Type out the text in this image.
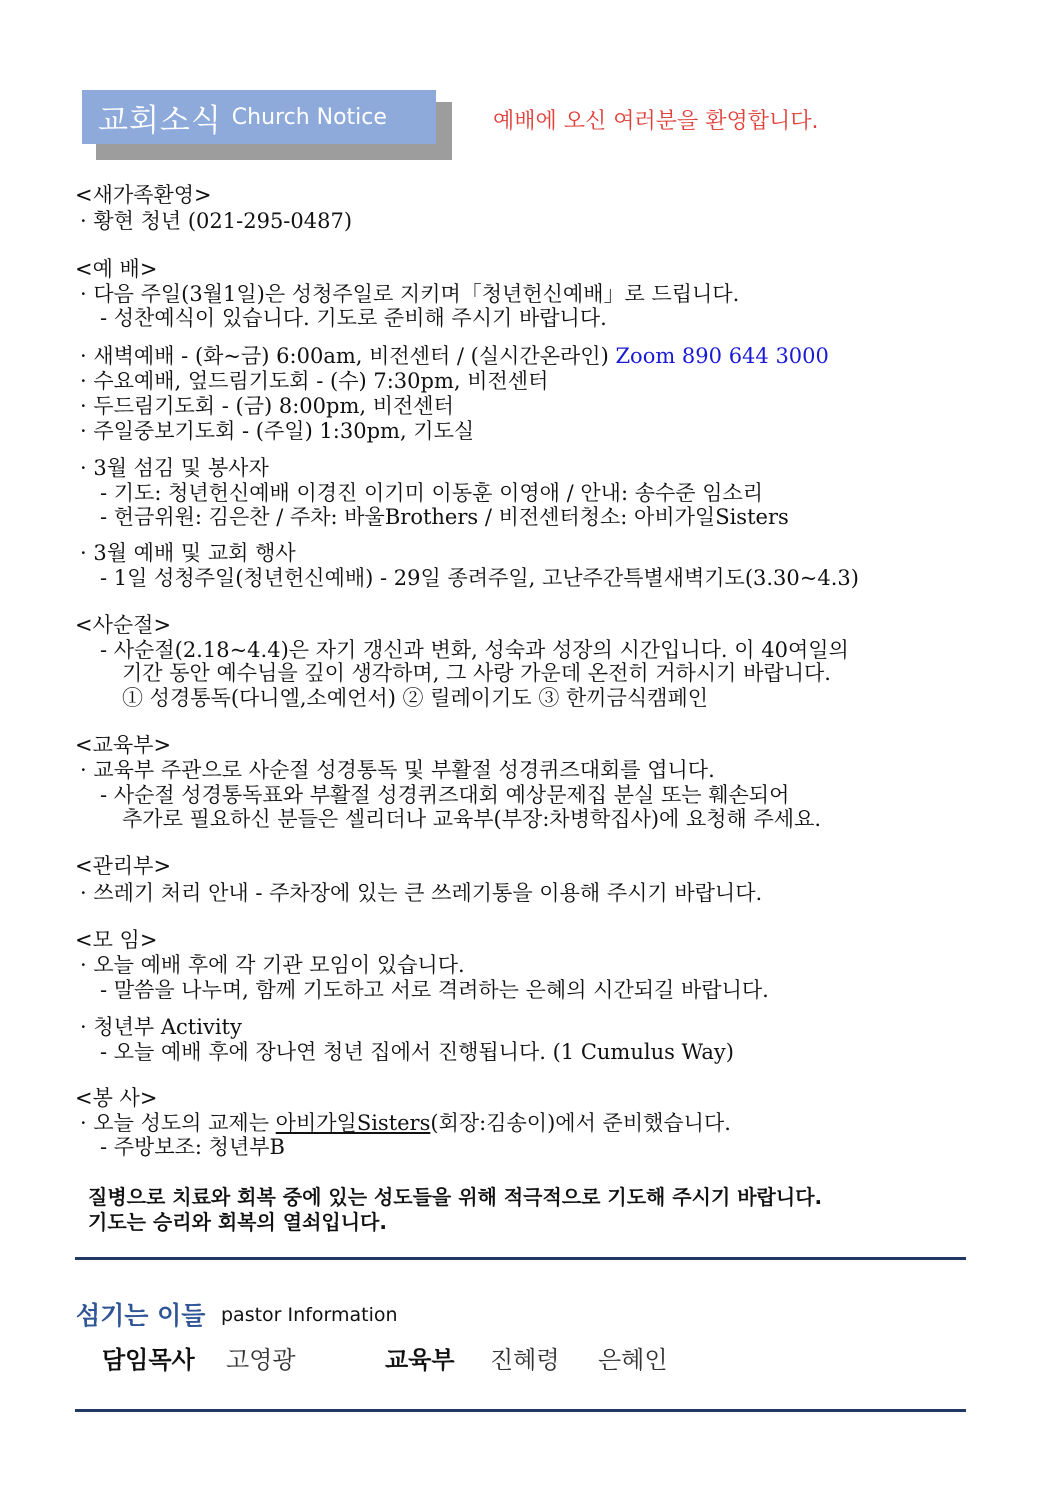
교회소식 Church Notice	예배에 오신 여러분을 환영합니다.
<새가족환영>
· 황현 청년 (021-295-0487)
<예 배>
· 다음 주일(3월1일)은 성청주일로 지키며「청년헌신예배」로 드립니다.
- 성찬예식이 있습니다. 기도로 준비해 주시기 바랍니다.
· 새벽예배 - (화~금) 6:00am, 비전센터 / (실시간온라인) Zoom 890 644 3000
· 수요예배, 엎드림기도회 - (수) 7:30pm, 비전센터
· 두드림기도회 - (금) 8:00pm, 비전센터
· 주일중보기도회 - (주일) 1:30pm, 기도실
· 3월 섬김 및 봉사자
- 기도: 청년헌신예배 이경진 이기미 이동훈 이영애 / 안내: 송수준 임소리
- 헌금위원: 김은찬 / 주차: 바울Brothers / 비전센터청소: 아비가일Sisters
· 3월 예배 및 교회 행사
- 1일 성청주일(청년헌신예배) - 29일 종려주일, 고난주간특별새벽기도(3.30~4.3)
<사순절>
- 사순절(2.18~4.4)은 자기 갱신과 변화, 성숙과 성장의 시간입니다. 이 40여일의
기간 동안 예수님을 깊이 생각하며, 그 사랑 가운데 온전히 거하시기 바랍니다.
① 성경통독(다니엘,소예언서) ② 릴레이기도 ③ 한끼금식캠페인
<교육부>
· 교육부 주관으로 사순절 성경통독 및 부활절 성경퀴즈대회를 엽니다.
- 사순절 성경통독표와 부활절 성경퀴즈대회 예상문제집 분실 또는 훼손되어
추가로 필요하신 분들은 셀리더나 교육부(부장:차병학집사)에 요청해 주세요.
<관리부>
· 쓰레기 처리 안내 - 주차장에 있는 큰 쓰레기통을 이용해 주시기 바랍니다.
<모 임>
· 오늘 예배 후에 각 기관 모임이 있습니다.
- 말씀을 나누며, 함께 기도하고 서로 격려하는 은혜의 시간되길 바랍니다.
· 청년부 Activity
- 오늘 예배 후에 장나연 청년 집에서 진행됩니다. (1 Cumulus Way)
<봉 사>
· 오늘 성도의 교제는 아비가일Sisters(회장:김송이)에서 준비했습니다.
- 주방보조: 청년부B
질병으로 치료와 회복 중에 있는 성도들을 위해 적극적으로 기도해 주시기 바랍니다.
기도는 승리와 회복의 열쇠입니다.
섬기는 이들 pastor Information
담임목사 고영광	교육부 진혜령 은혜인
